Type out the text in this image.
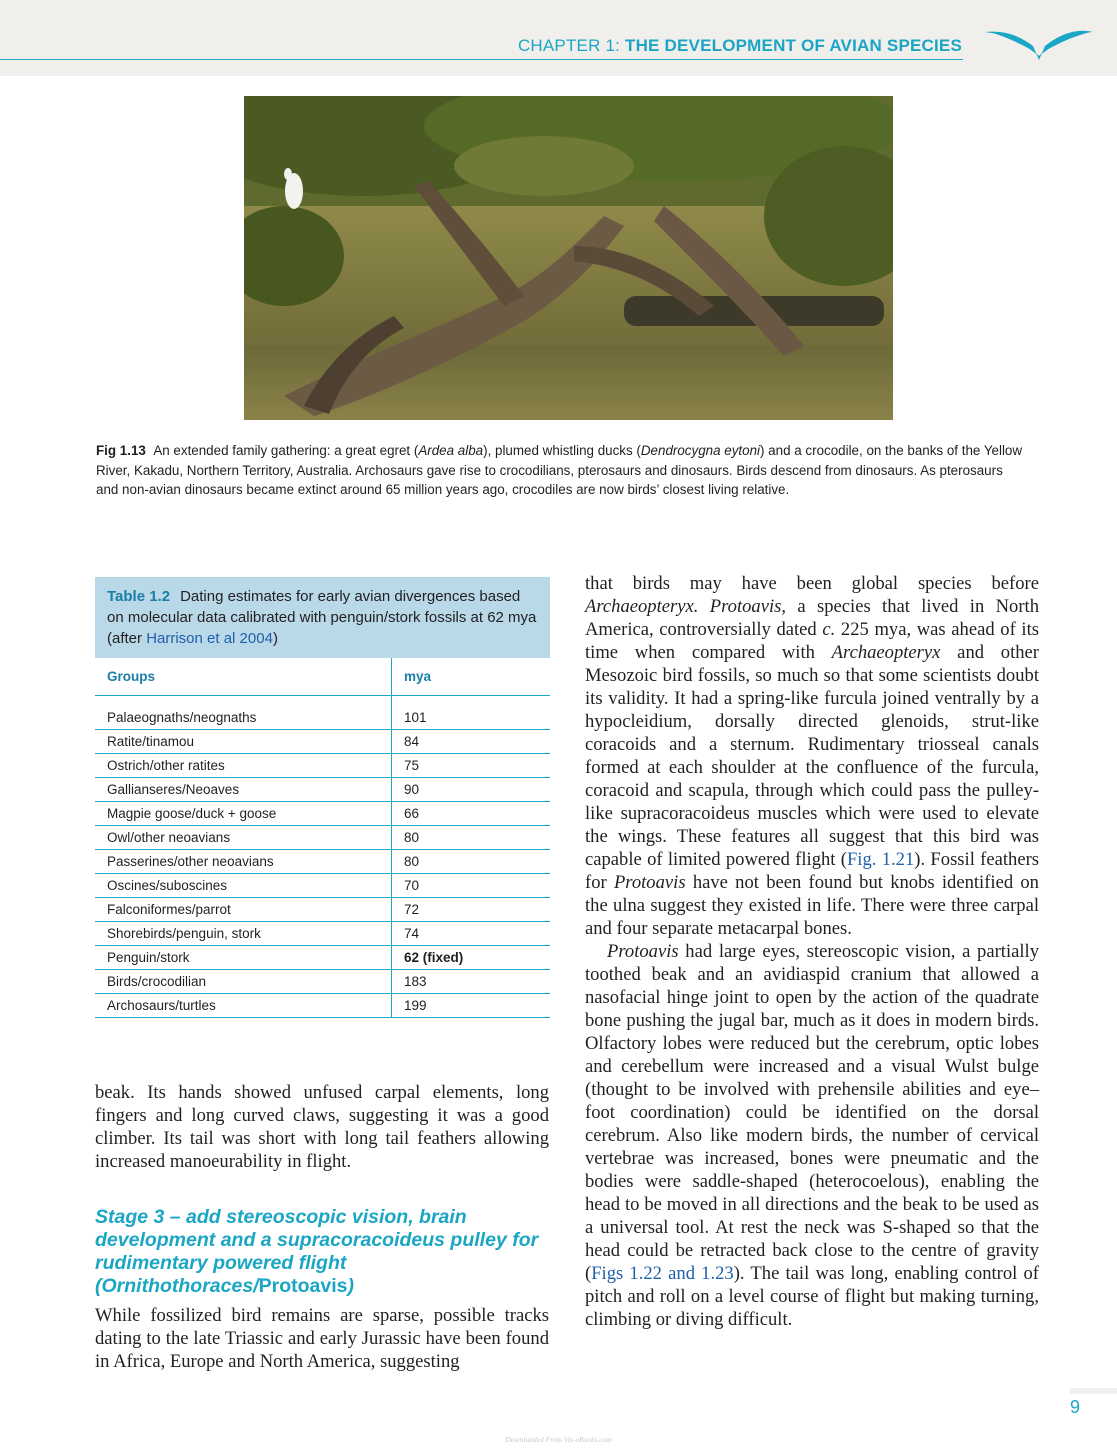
CHAPTER 1: THE DEVELOPMENT OF AVIAN SPECIES
Fig 1.13 An extended family gathering: a great egret (Ardea alba), plumed whistling ducks (Dendrocygna eytoni) and a crocodile, on the banks of the Yellow River, Kakadu, Northern Territory, Australia. Archosaurs gave rise to crocodilians, pterosaurs and dinosaurs. Birds descend from dinosaurs. As pterosaurs and non-avian dinosaurs became extinct around 65 million years ago, crocodiles are now birds’ closest living relative.
Table 1.2 Dating estimates for early avian divergences based on molecular data calibrated with penguin/stork fossils at 62 mya (after Harrison et al 2004)
Groups	mya
Palaeognaths/neognaths	101
Ratite/tinamou	84
Ostrich/other ratites	75
Gallianseres/Neoaves	90
Magpie goose/duck + goose	66
Owl/other neoavians	80
Passerines/other neoavians	80
Oscines/suboscines	70
Falconiformes/parrot	72
Shorebirds/penguin, stork	74
Penguin/stork	62 (fixed)
Birds/crocodilian	183
Archosaurs/turtles	199
beak. Its hands showed unfused carpal elements, long fingers and long curved claws, suggesting it was a good climber. Its tail was short with long tail feathers allowing increased manoeurability in flight.
Stage 3 – add stereoscopic vision, brain development and a supracoracoideus pulley for rudimentary powered flight (Ornithothoraces/Protoavis)
While fossilized bird remains are sparse, possible tracks dating to the late Triassic and early Jurassic have been found in Africa, Europe and North America, suggesting

that birds may have been global species before Archaeopteryx. Protoavis, a species that lived in North America, controversially dated c. 225 mya, was ahead of its time when compared with Archaeopteryx and other Mesozoic bird fossils, so much so that some scientists doubt its validity. It had a spring-like furcula joined ventrally by a hypocleidium, dorsally directed glenoids, strut-like coracoids and a sternum. Rudimentary triosseal canals formed at each shoulder at the confluence of the furcula, coracoid and scapula, through which could pass the pulley-like supracoracoideus muscles which were used to elevate the wings. These features all suggest that this bird was capable of limited powered flight (Fig. 1.21). Fossil feathers for Protoavis have not been found but knobs identified on the ulna suggest they existed in life. There were three carpal and four separate metacarpal bones.

Protoavis had large eyes, stereoscopic vision, a partially toothed beak and an avidiaspid cranium that allowed a nasofacial hinge joint to open by the action of the quadrate bone pushing the jugal bar, much as it does in modern birds. Olfactory lobes were reduced but the cerebrum, optic lobes and cerebellum were increased and a visual Wulst bulge (thought to be involved with prehensile abilities and eye–foot coordination) could be identified on the dorsal cerebrum. Also like modern birds, the number of cervical vertebrae was increased, bones were pneumatic and the bodies were saddle-shaped (heterocoelous), enabling the head to be moved in all directions and the beak to be used as a universal tool. At rest the neck was S-shaped so that the head could be retracted back close to the centre of gravity (Figs 1.22 and 1.23). The tail was long, enabling control of pitch and roll on a level course of flight but making turning, climbing or diving difficult.

9
Downloaded From Vet-eBooks.com
